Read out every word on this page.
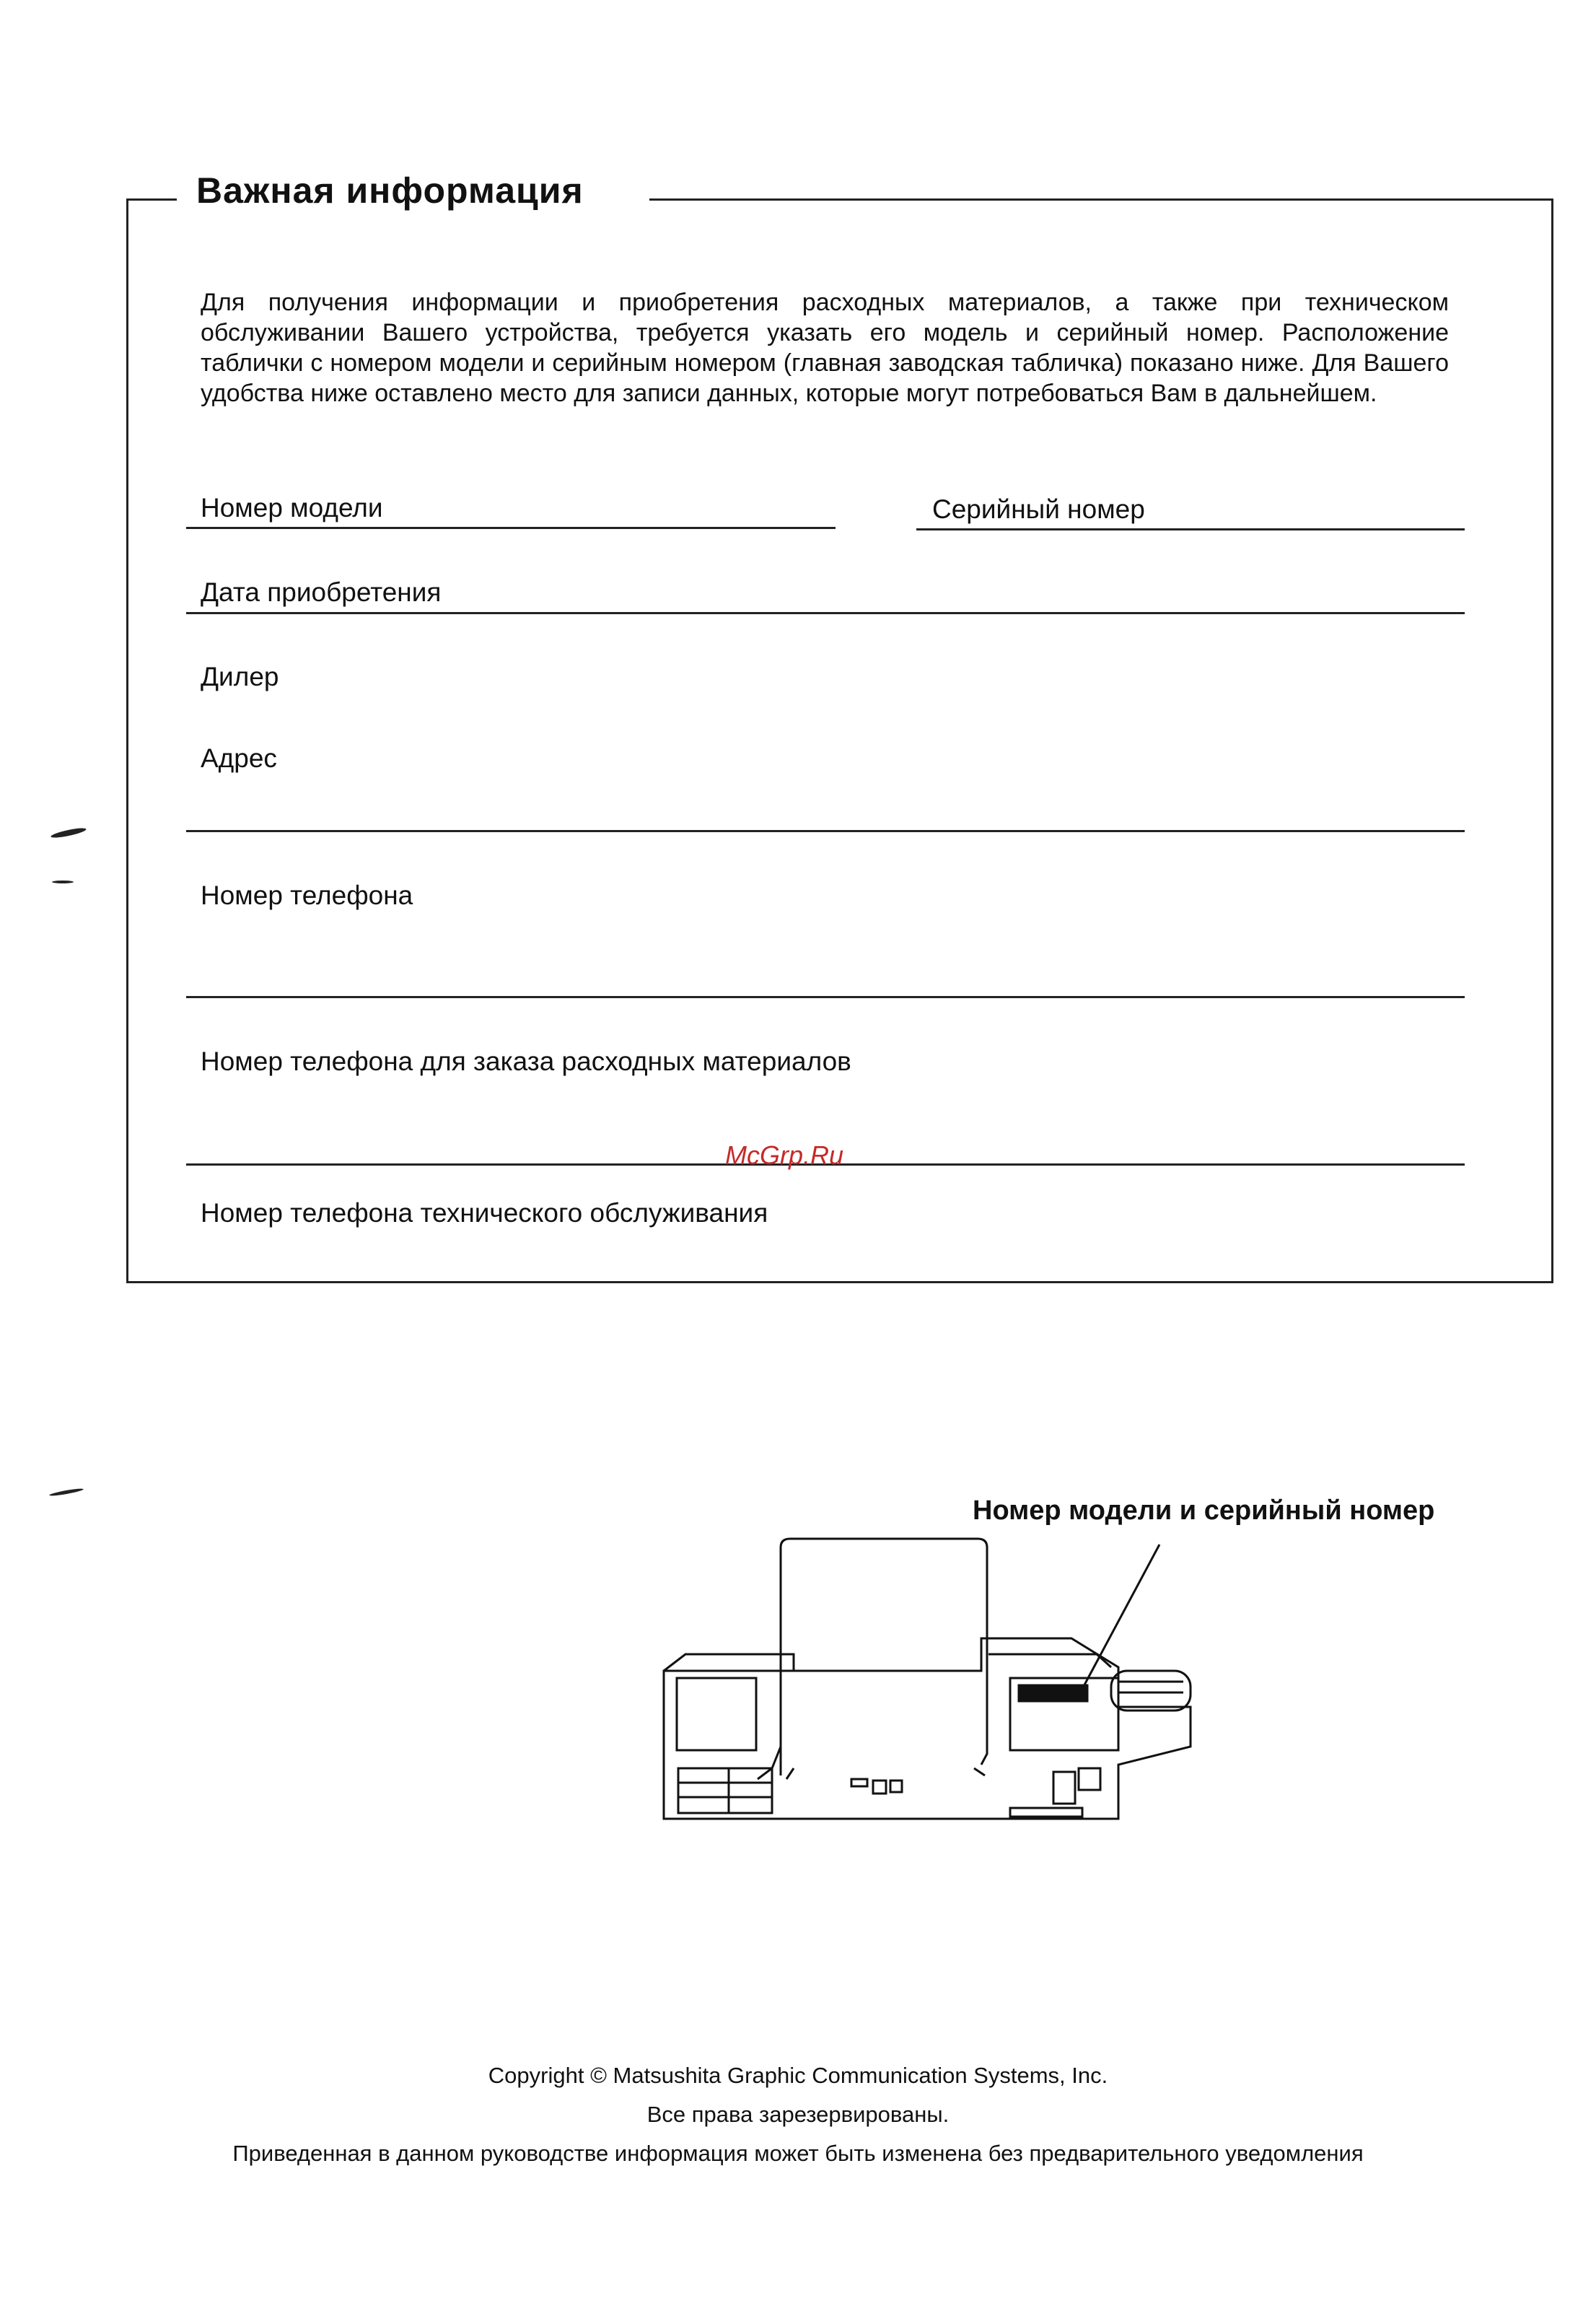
Важная информация
Для получения информации и приобретения расходных материалов, а также при техническом обслуживании Вашего устройства, требуется указать его модель и серийный номер. Расположение таблички с номером модели и серийным номером (главная заводская табличка) показано ниже. Для Вашего удобства ниже оставлено место для записи данных, которые могут потребоваться Вам в дальнейшем.
Номер модели	Серийный номер
Дата приобретения
Дилер
Адрес
Номер телефона
Номер телефона для заказа расходных материалов
McGrp.Ru
Номер телефона технического обслуживания
Номер модели и серийный номер
Copyright © Matsushita Graphic Communication Systems, Inc.
Все права зарезервированы.
Приведенная в данном руководстве информация может быть изменена без предварительного уведомления
